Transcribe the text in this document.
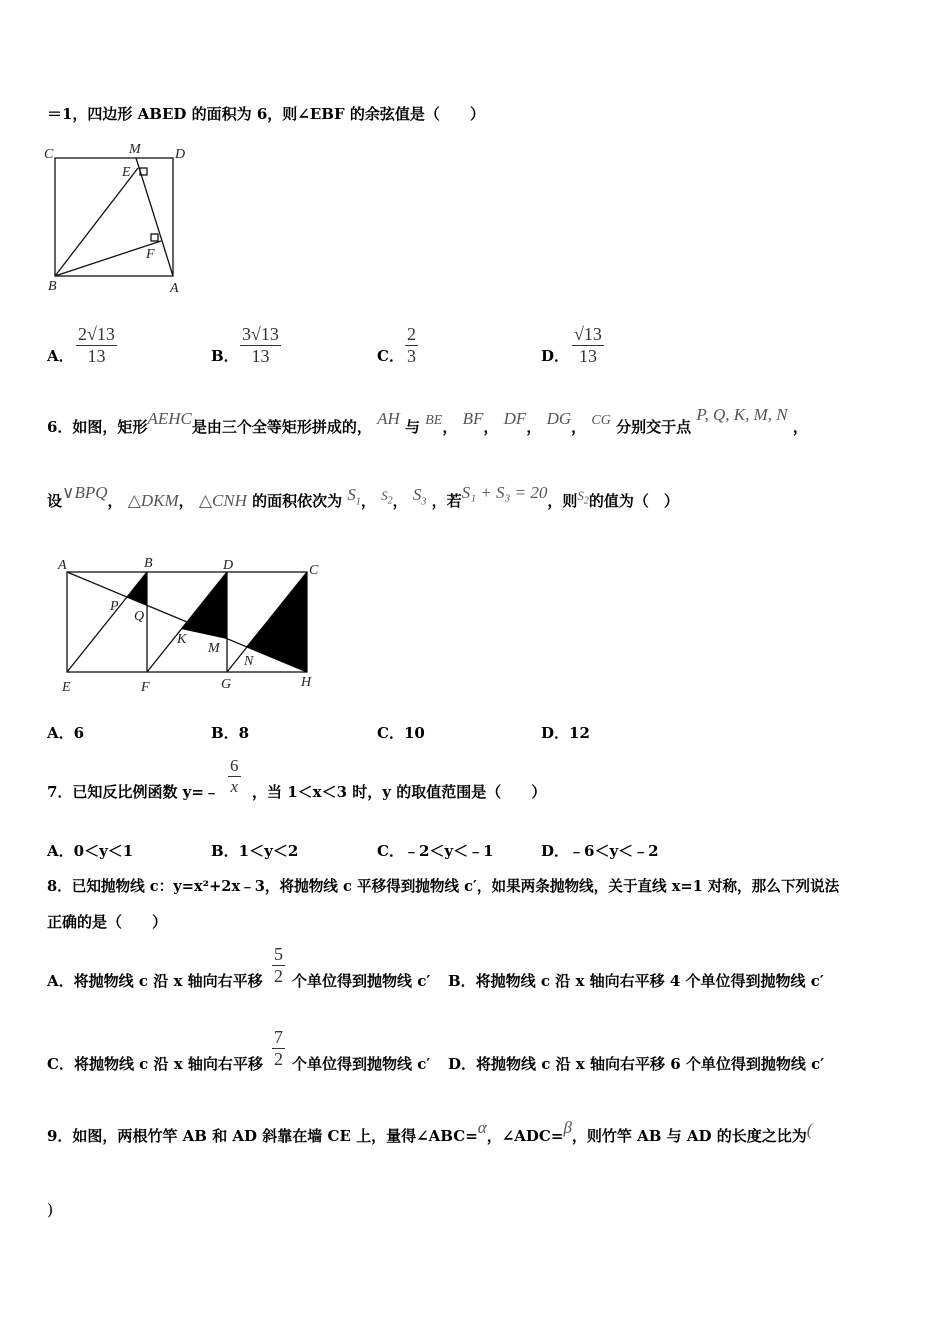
＝1，四边形 ABED 的面积为 6，则∠EBF 的余弦值是（　　）
C	M D
E
F
B	A
A． $\frac{2√13}{13}$	B． $\frac{3√13}{13}$	C． $\frac{2}{3}$	D． $\frac{√13}{13}$
6．如图，矩形AEHC是由三个全等矩形拼成的， AH 与 BE， BF， DF， DG， CG 分别交于点 P, Q, K, M, N ，
设∨BPQ， △DKM， △CNH 的面积依次为 $S_1$， $S_2$， $S_3$ ，若S₁ + S₃ = 20，则$S_2$的值为（　）
A	B	D	C
P
Q
K
M
N
E	F	G	H
A．6	B．8	C．10	D．12
7．已知反比例函数 y=﹣ $\frac{6}{x}$ ，当 1＜x＜3 时，y 的取值范围是（　　）
A．0＜y＜1	B．1＜y＜2	C．﹣2＜y＜﹣1	D．﹣6＜y＜﹣2
8．已知抛物线 c：y=x²+2x﹣3，将抛物线 c 平移得到抛物线 c′，如果两条抛物线，关于直线 x=1 对称，那么下列说法
正确的是（　　）
A．将抛物线 c 沿 x 轴向右平移 $\frac{5}{2}$ 个单位得到抛物线 c′ B．将抛物线 c 沿 x 轴向右平移 4 个单位得到抛物线 c′
C．将抛物线 c 沿 x 轴向右平移 $\frac{7}{2}$ 个单位得到抛物线 c′ D．将抛物线 c 沿 x 轴向右平移 6 个单位得到抛物线 c′
9．如图，两根竹竿 AB 和 AD 斜靠在墙 CE 上，量得∠ABC=α，∠ADC=β，则竹竿 AB 与 AD 的长度之比为(
)
